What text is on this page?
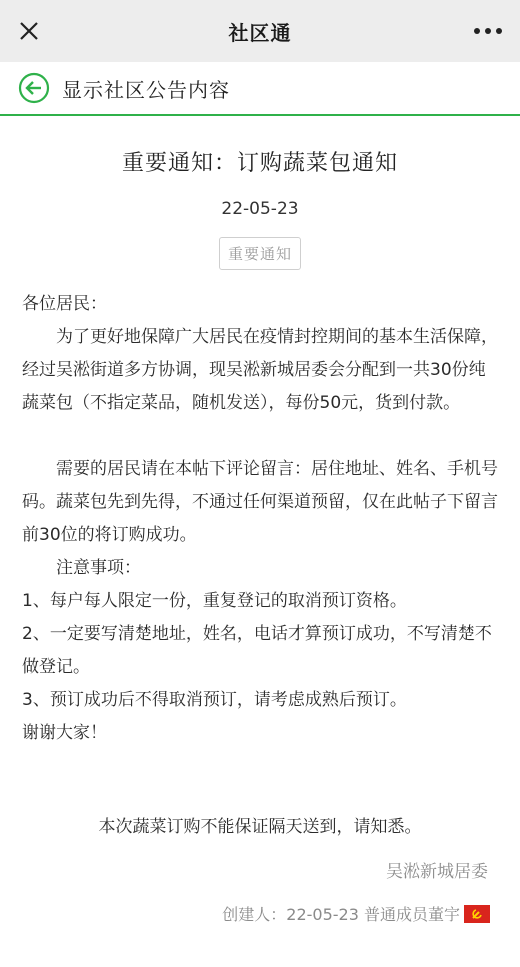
社区通
显示社区公告内容
重要通知：订购蔬菜包通知
22-05-23
重要通知

各位居民：

为了更好地保障广大居民在疫情封控期间的基本生活保障，经过吴淞街道多方协调，现吴淞新城居委会分配到一共30份纯蔬菜包（不指定菜品，随机发送），每份50元，货到付款。

需要的居民请在本帖下评论留言：居住地址、姓名、手机号码。蔬菜包先到先得，不通过任何渠道预留，仅在此帖子下留言前30位的将订购成功。

注意事项：

1、每户每人限定一份，重复登记的取消预订资格。

2、一定要写清楚地址，姓名，电话才算预订成功，不写清楚不做登记。

3、预订成功后不得取消预订，请考虑成熟后预订。

谢谢大家！

本次蔬菜订购不能保证隔天送到，请知悉。
吴淞新城居委
创建人：22-05-23 普通成员董宇
